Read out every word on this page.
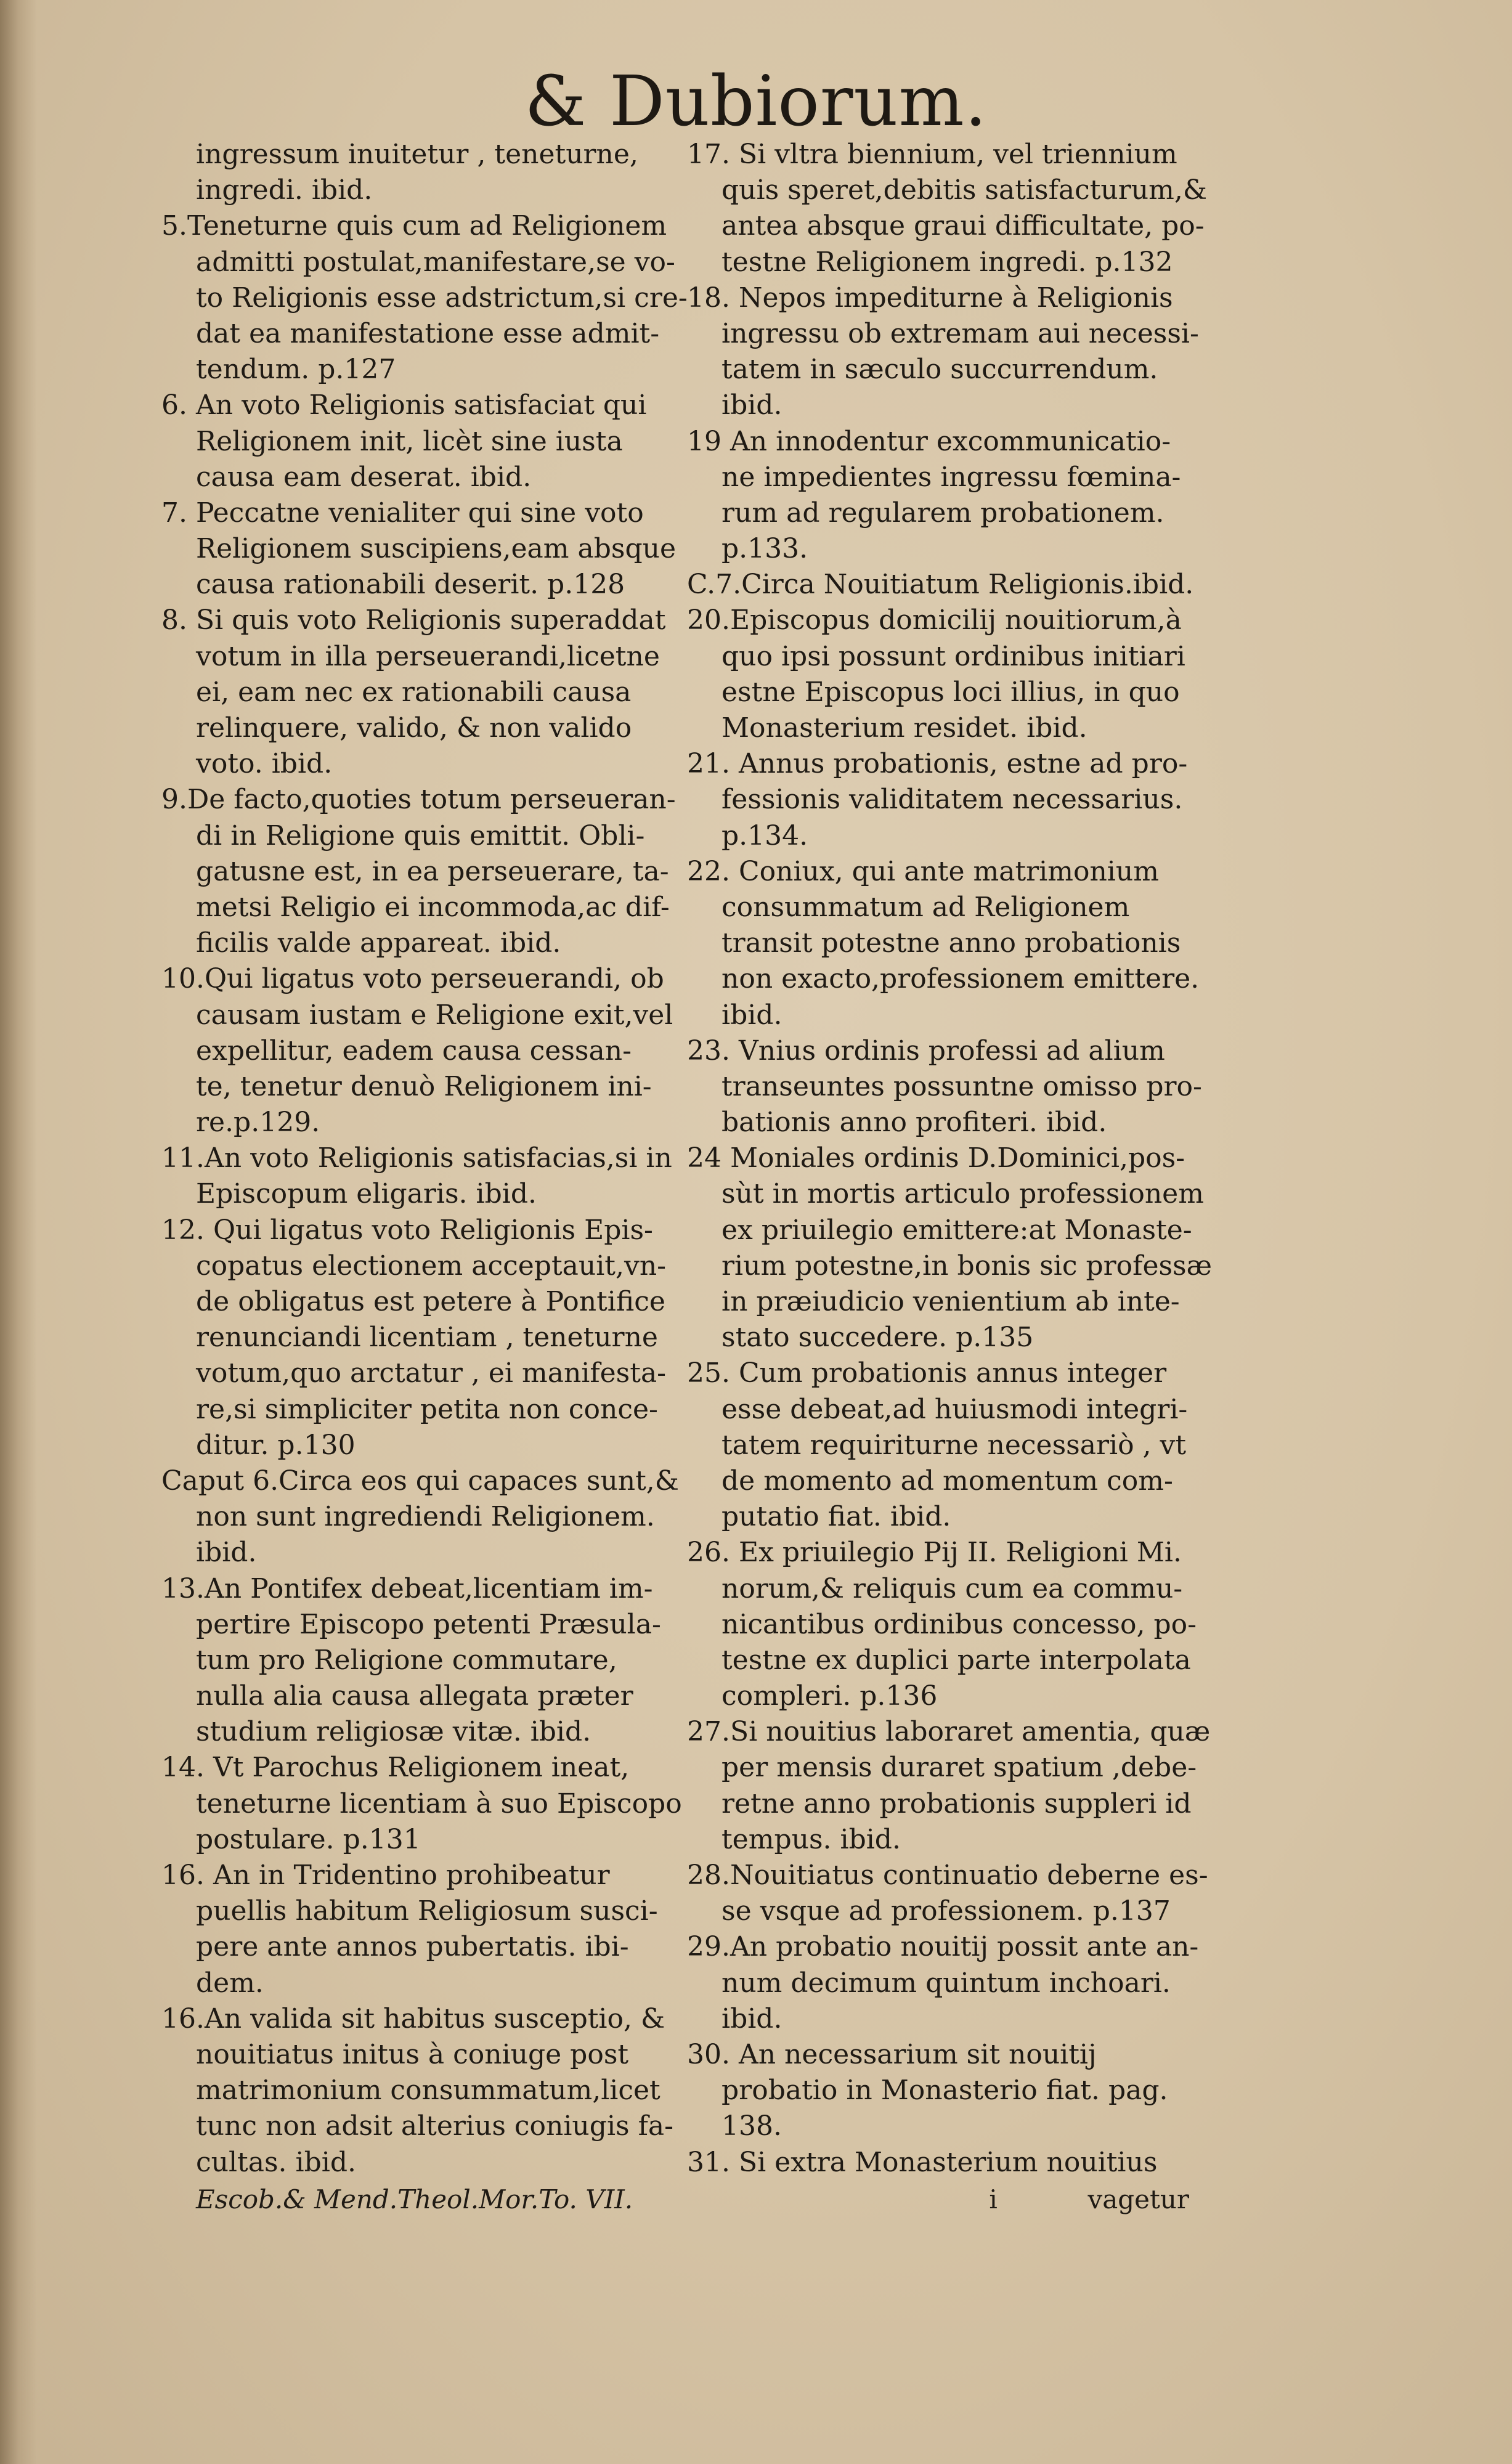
& Dubiorum.
ingressum inuitetur , teneturne,
ingredi. ibid.
5.Teneturne quis cum ad Religionem
admitti postulat,manifestare,se vo-
to Religionis esse adstrictum,si cre-
dat ea manifestatione esse admit-
tendum. p.127
6. An voto Religionis satisfaciat qui
Religionem init, licèt sine iusta
causa eam deserat. ibid.
7. Peccatne venialiter qui sine voto
Religionem suscipiens,eam absque
causa rationabili deserit. p.128
8. Si quis voto Religionis superaddat
votum in illa perseuerandi,licetne
ei, eam nec ex rationabili causa
relinquere, valido, & non valido
voto. ibid.
9.De facto,quoties totum perseueran-
di in Religione quis emittit. Obli-
gatusne est, in ea perseuerare, ta-
metsi Religio ei incommoda,ac dif-
ficilis valde appareat. ibid.
10.Qui ligatus voto perseuerandi, ob
causam iustam e Religione exit,vel
expellitur, eadem causa cessan-
te, tenetur denuò Religionem ini-
re.p.129.
11.An voto Religionis satisfacias,si in
Episcopum eligaris. ibid.
12. Qui ligatus voto Religionis Epis-
copatus electionem acceptauit,vn-
de obligatus est petere à Pontifice
renunciandi licentiam , teneturne
votum,quo arctatur , ei manifesta-
re,si simpliciter petita non conce-
ditur. p.130
Caput 6.Circa eos qui capaces sunt,&
non sunt ingrediendi Religionem.
ibid.
13.An Pontifex debeat,licentiam im-
pertire Episcopo petenti Præsula-
tum pro Religione commutare,
nulla alia causa allegata præter
studium religiosæ vitæ. ibid.
14. Vt Parochus Religionem ineat,
teneturne licentiam à suo Episcopo
postulare. p.131
16. An in Tridentino prohibeatur
puellis habitum Religiosum susci-
pere ante annos pubertatis. ibi-
dem.
16.An valida sit habitus susceptio, &
nouitiatus initus à coniuge post
matrimonium consummatum,licet
tunc non adsit alterius coniugis fa-
cultas. ibid.
17. Si vltra biennium, vel triennium
quis speret,debitis satisfacturum,&
antea absque graui difficultate, po-
testne Religionem ingredi. p.132
18. Nepos impediturne à Religionis
ingressu ob extremam aui necessi-
tatem in sæculo succurrendum.
ibid.
19 An innodentur excommunicatio-
ne impedientes ingressu fœmina-
rum ad regularem probationem.
p.133.
C.7.Circa Nouitiatum Religionis.ibid.
20.Episcopus domicilij nouitiorum,à
quo ipsi possunt ordinibus initiari
estne Episcopus loci illius, in quo
Monasterium residet. ibid.
21. Annus probationis, estne ad pro-
fessionis validitatem necessarius.
p.134.
22. Coniux, qui ante matrimonium
consummatum ad Religionem
transit potestne anno probationis
non exacto,professionem emittere.
ibid.
23. Vnius ordinis professi ad alium
transeuntes possuntne omisso pro-
bationis anno profiteri. ibid.
24 Moniales ordinis D.Dominici,pos-
sùt in mortis articulo professionem
ex priuilegio emittere:at Monaste-
rium potestne,in bonis sic professæ
in præiudicio venientium ab inte-
stato succedere. p.135
25. Cum probationis annus integer
esse debeat,ad huiusmodi integri-
tatem requiriturne necessariò , vt
de momento ad momentum com-
putatio fiat. ibid.
26. Ex priuilegio Pij II. Religioni Mi.
norum,& reliquis cum ea commu-
nicantibus ordinibus concesso, po-
testne ex duplici parte interpolata
compleri. p.136
27.Si nouitius laboraret amentia, quæ
per mensis duraret spatium ,debe-
retne anno probationis suppleri id
tempus. ibid.
28.Nouitiatus continuatio deberne es-
se vsque ad professionem. p.137
29.An probatio nouitij possit ante an-
num decimum quintum inchoari.
ibid.
30. An necessarium sit nouitij
probatio in Monasterio fiat. pag.
138.
31. Si extra Monasterium nouitius
Escob.& Mend.Theol.Mor.To. VII.	i	vagetur
